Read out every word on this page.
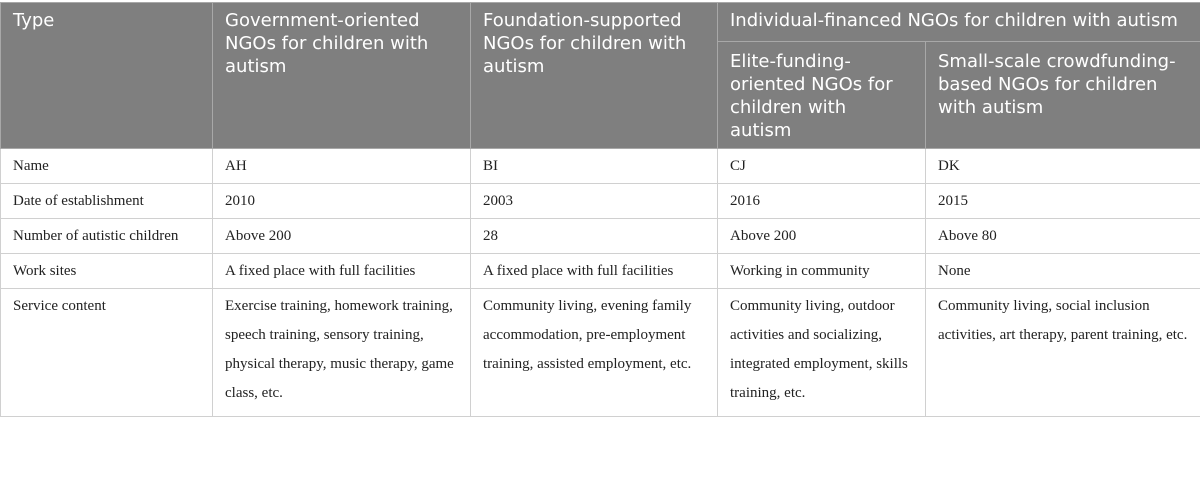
Type	Government-oriented NGOs for children with autism	Foundation-supported NGOs for children with autism	Individual-financed NGOs for children with autism	
			Elite-funding-oriented NGOs for children with autism	Small-scale crowdfunding-based NGOs for children with autism
Name	AH	BI	CJ	DK
Date of establishment	2010	2003	2016	2015
Number of autistic children	Above 200	28	Above 200	Above 80
Work sites	A fixed place with full facilities	A fixed place with full facilities	Working in community	None
Service content	Exercise training, homework training, speech training, sensory training, physical therapy, music therapy, game class, etc.	Community living, evening family accommodation, pre-employment training, assisted employment, etc.	Community living, outdoor activities and socializing, integrated employment, skills training, etc.	Community living, social inclusion activities, art therapy, parent training, etc.
